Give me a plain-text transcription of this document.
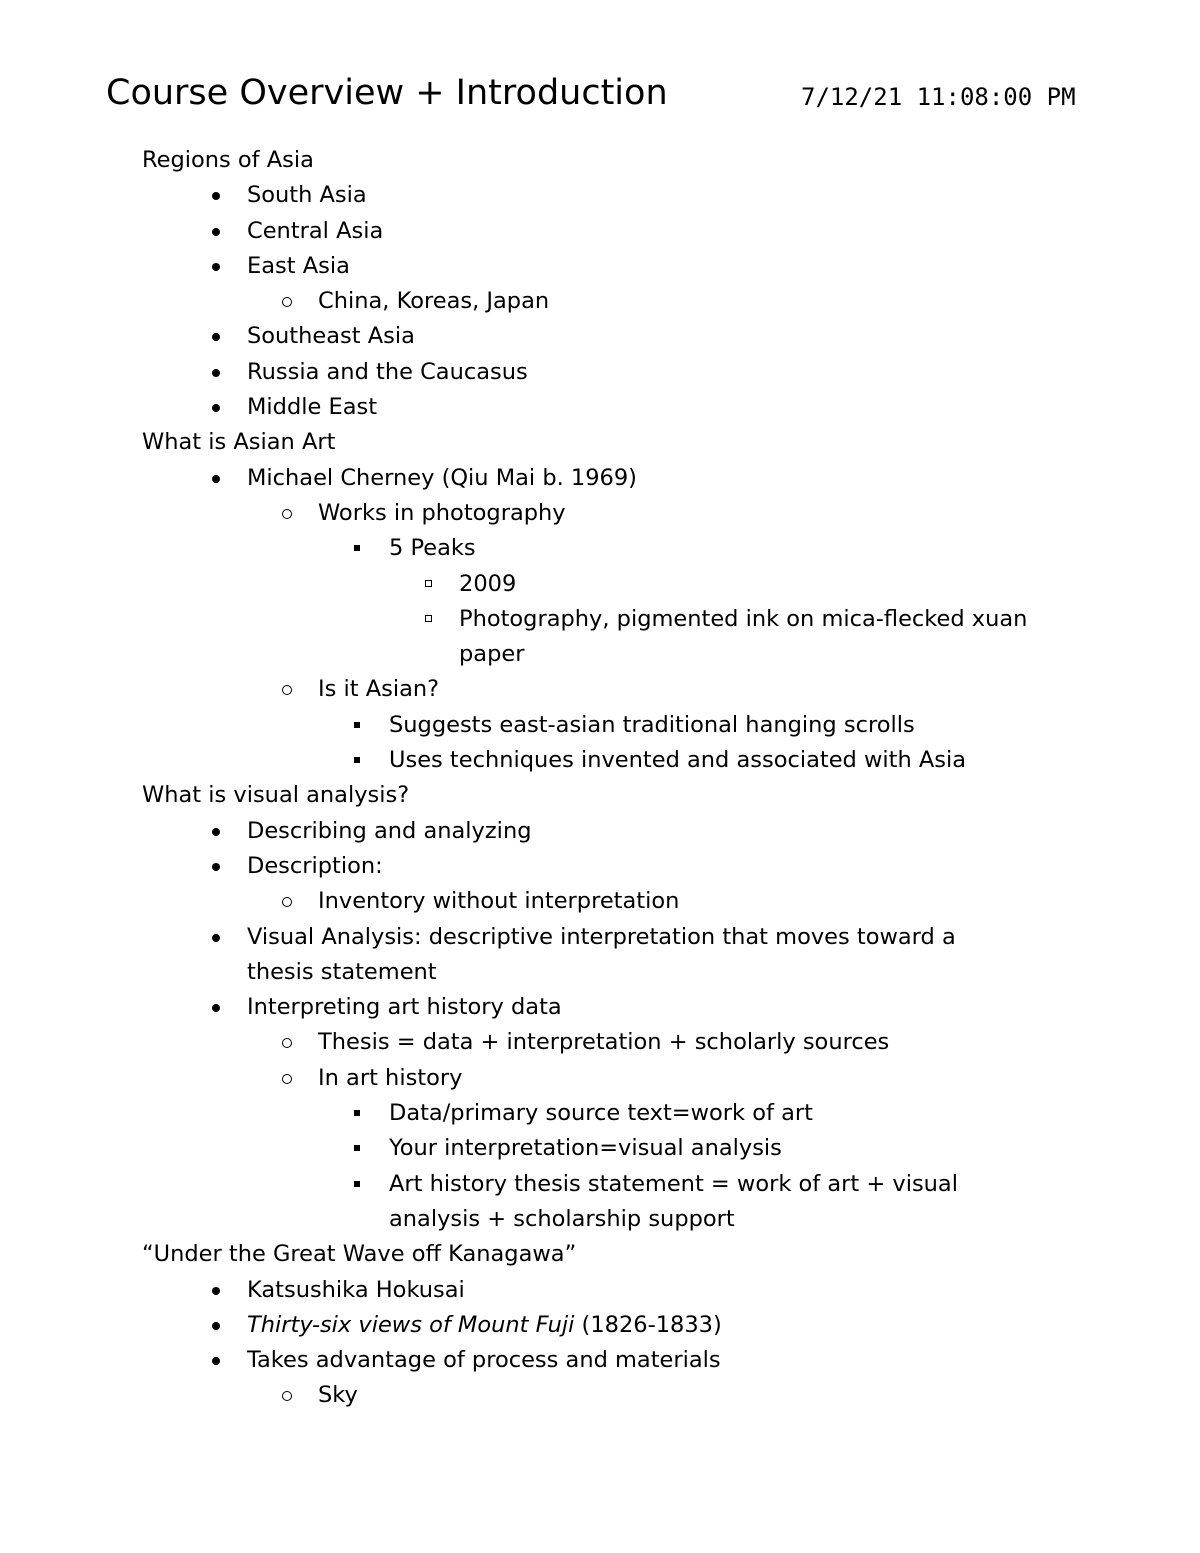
Course Overview + Introduction	7/12/21 11:08:00 PM
Regions of Asia
South Asia
Central Asia
East Asia
China, Koreas, Japan
Southeast Asia
Russia and the Caucasus
Middle East
What is Asian Art
Michael Cherney (Qiu Mai b. 1969)
Works in photography
5 Peaks
2009
Photography, pigmented ink on mica-flecked xuan
paper
Is it Asian?
Suggests east-asian traditional hanging scrolls
Uses techniques invented and associated with Asia
What is visual analysis?
Describing and analyzing
Description:
Inventory without interpretation
Visual Analysis: descriptive interpretation that moves toward a
thesis statement
Interpreting art history data
Thesis = data + interpretation + scholarly sources
In art history
Data/primary source text=work of art
Your interpretation=visual analysis
Art history thesis statement = work of art + visual
analysis + scholarship support
“Under the Great Wave off Kanagawa”
Katsushika Hokusai
Thirty-six views of Mount Fuji (1826-1833)
Takes advantage of process and materials
Sky
